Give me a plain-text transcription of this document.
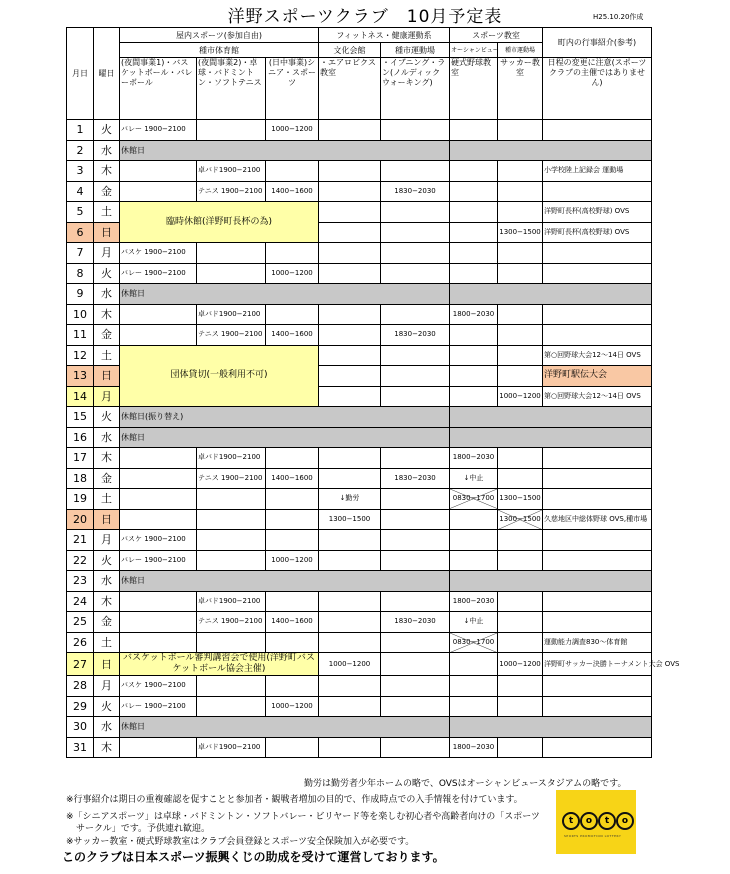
洋野スポーツクラブ　10月予定表	H25.10.20作成
月日	曜日	屋内スポーツ(参加自由)			フィットネス・健康運動系		スポーツ教室		町内の行事紹介(参考)	
		種市体育館			文化会館	種市運動場	オーシャンビュー	種市運動場		
		(夜間事業1)・バスケットボール・バレーボール	(夜間事業2)・卓球・バドミントン・ソフトテニス	(日中事業)シニア・スポーツ	・エアロビクス教室	・イブニング・ラン(ノルディックウォーキング)	硬式野球教室	サッカー教室	日程の変更に注意(スポーツクラブの主催ではありません)	
1	火	バレー 1900−2100		1000−1200						
2	水	休館日								
3	木		卓バド1900−2100						小学校陸上記録会 運動場	
4	金		テニス 1900−2100	1400−1600		1830−2030				
5	土	臨時休館(洋野町長杯の為)							洋野町長杯(高校野球) OVS	
6	日							1300−1500	洋野町長杯(高校野球) OVS	
7	月	バスケ 1900−2100								
8	火	バレー 1900−2100		1000−1200						
9	水	休館日								
10	木		卓バド1900−2100				1800−2030			
11	金		テニス 1900−2100	1400−1600		1830−2030				
12	土	団体貸切(一般利用不可)							第○回野球大会12～14日 OVS	
13	日								洋野町駅伝大会	
14	月							1000−1200	第○回野球大会12～14日 OVS	
15	火	休館日(振り替え)								
16	水	休館日								
17	木		卓バド1900−2100				1800−2030			
18	金		テニス 1900−2100	1400−1600		1830−2030	↓中止			
19	土				↓勤労		0830−1700	1300−1500		
20	日				1300−1500			1300−1500	久慈地区中総体野球 OVS,種市場	
21	月	バスケ 1900−2100								
22	火	バレー 1900−2100		1000−1200						
23	水	休館日								
24	木		卓バド1900−2100				1800−2030			
25	金		テニス 1900−2100	1400−1600		1830−2030	↓中止			
26	土						0830−1700		運動能力調査830～体育館	
27	日	バスケットボール審判講習会で使用(洋野町バスケットボール協会主催)			1000−1200			1000−1200	洋野町サッカー決勝トーナメント大会 OVS	
28	月	バスケ 1900−2100								
29	火	バレー 1900−2100		1000−1200						
30	水	休館日								
31	木		卓バド1900−2100				1800−2030			
勤労は勤労者少年ホームの略で、OVSはオーシャンビュースタジアムの略です。
※行事紹介は期日の重複確認を促すことと参加者・観戦者増加の目的で、作成時点での入手情報を付けています。
※「シニアスポーツ」は卓球・バドミントン・ソフトバレー・ビリヤード等を楽しむ初心者や高齢者向けの「スポーツ
サークル」です。予供連れ歓迎。
※サッカー教室・硬式野球教室はクラブ会員登録とスポーツ安全保険加入が必要です。
このクラブは日本スポーツ振興くじの助成を受けて運営しております。
t	o	t	o
SPORTS PROMOTION LOTTERY
